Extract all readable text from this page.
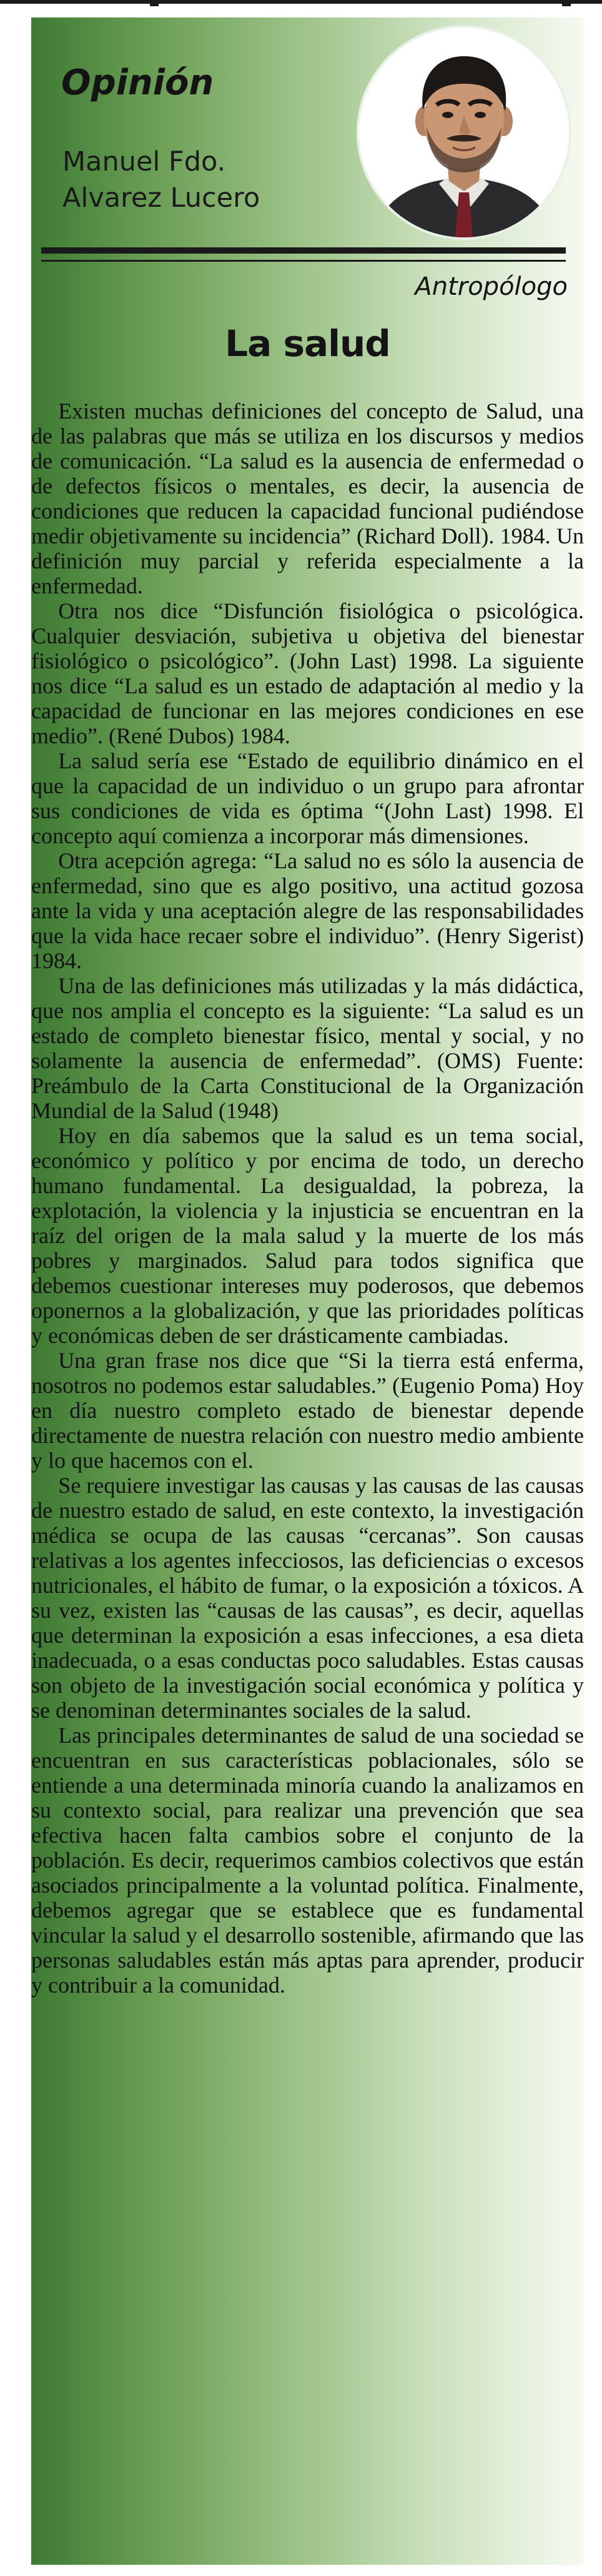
Opinión
Manuel Fdo.
Alvarez Lucero
Antropólogo
La salud

Existen muchas definiciones del concepto de Salud, una de las palabras que más se utiliza en los discursos y medios de comunicación. “La salud es la ausencia de enfermedad o de defectos físicos o mentales, es decir, la ausencia de condiciones que reducen la capacidad funcional pudiéndose medir objetivamente su incidencia” (Richard Doll). 1984. Un definición muy parcial y referida especialmente a la enfermedad.

Otra nos dice “Disfunción fisiológica o psicológica. Cualquier desviación, subjetiva u objetiva del bienestar fisiológico o psicológico”. (John Last) 1998. La siguiente nos dice “La salud es un estado de adaptación al medio y la capacidad de funcionar en las mejores condiciones en ese medio”. (René Dubos) 1984.

La salud sería ese “Estado de equilibrio dinámico en el que la capacidad de un individuo o un grupo para afrontar sus condiciones de vida es óptima “(John Last) 1998. El concepto aquí comienza a incorporar más dimensiones.

Otra acepción agrega: “La salud no es sólo la ausencia de enfermedad, sino que es algo positivo, una actitud gozosa ante la vida y una aceptación alegre de las responsabilidades que la vida hace recaer sobre el individuo”. (Henry Sigerist) 1984.

Una de las definiciones más utilizadas y la más didáctica, que nos amplia el concepto es la siguiente: “La salud es un estado de completo bienestar físico, mental y social, y no solamente la ausencia de enfermedad”. (OMS) Fuente: Preámbulo de la Carta Constitucional de la Organización Mundial de la Salud (1948)

Hoy en día sabemos que la salud es un tema social, económico y político y por encima de todo, un derecho humano fundamental. La desigualdad, la pobreza, la explotación, la violencia y la injusticia se encuentran en la raíz del origen de la mala salud y la muerte de los más pobres y marginados. Salud para todos significa que debemos cuestionar intereses muy poderosos, que debemos oponernos a la globalización, y que las prioridades políticas y económicas deben de ser drásticamente cambiadas.

Una gran frase nos dice que “Si la tierra está enferma, nosotros no podemos estar saludables.” (Eugenio Poma) Hoy en día nuestro completo estado de bienestar depende directamente de nuestra relación con nuestro medio ambiente y lo que hacemos con el.

Se requiere investigar las causas y las causas de las causas de nuestro estado de salud, en este contexto, la investigación médica se ocupa de las causas “cercanas”. Son causas relativas a los agentes infecciosos, las deficiencias o excesos nutricionales, el hábito de fumar, o la exposición a tóxicos. A su vez, existen las “causas de las causas”, es decir, aquellas que determinan la exposición a esas infecciones, a esa dieta inadecuada, o a esas conductas poco saludables. Estas causas son objeto de la investigación social económica y política y se denominan determinantes sociales de la salud.

Las principales determinantes de salud de una sociedad se encuentran en sus características poblacionales, sólo se entiende a una determinada minoría cuando la analizamos en su contexto social, para realizar una prevención que sea efectiva hacen falta cambios sobre el conjunto de la población. Es decir, requerimos cambios colectivos que están asociados principalmente a la voluntad política. Finalmente, debemos agregar que se establece que es fundamental vincular la salud y el desarrollo sostenible, afirmando que las personas saludables están más aptas para aprender, producir y contribuir a la comunidad.
